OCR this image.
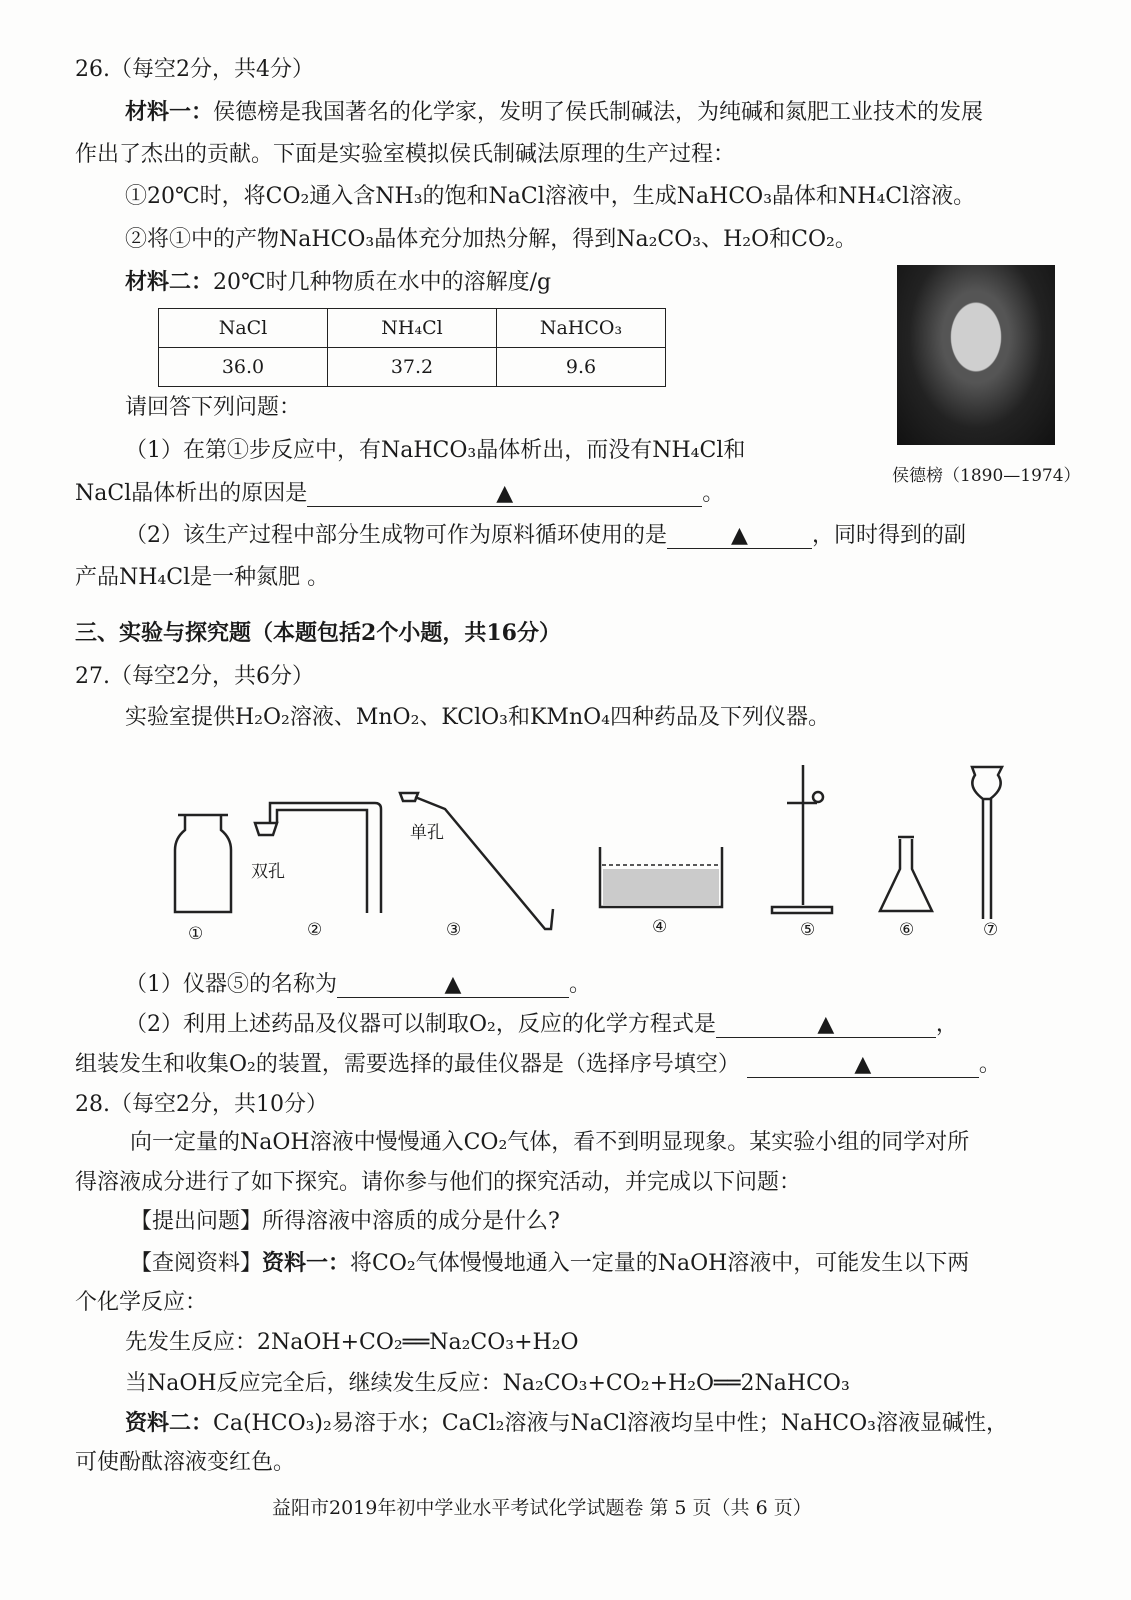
26.（每空2分，共4分）
材料一：侯德榜是我国著名的化学家，发明了侯氏制碱法，为纯碱和氮肥工业技术的发展
作出了杰出的贡献。下面是实验室模拟侯氏制碱法原理的生产过程：
①20℃时，将CO₂通入含NH₃的饱和NaCl溶液中，生成NaHCO₃晶体和NH₄Cl溶液。
②将①中的产物NaHCO₃晶体充分加热分解，得到Na₂CO₃、H₂O和CO₂。
材料二：20℃时几种物质在水中的溶解度/g
NaCl	NH₄Cl	NaHCO₃
36.0	37.2	9.6
侯德榜（1890—1974）
请回答下列问题：
（1）在第①步反应中，有NaHCO₃晶体析出，而没有NH₄Cl和
NaCl晶体析出的原因是	▲	。
（2）该生产过程中部分生成物可作为原料循环使用的是	▲	，同时得到的副
产品NH₄Cl是一种氮肥 。
三、实验与探究题（本题包括2个小题，共16分）
27.（每空2分，共6分）
实验室提供H₂O₂溶液、MnO₂、KClO₃和KMnO₄四种药品及下列仪器。
单孔
双孔
①	②	③	④	⑤	⑥	⑦
（1）仪器⑤的名称为	▲	。
（2）利用上述药品及仪器可以制取O₂，反应的化学方程式是	▲	，
组装发生和收集O₂的装置，需要选择的最佳仪器是（选择序号填空）	▲	。
28.（每空2分，共10分）
向一定量的NaOH溶液中慢慢通入CO₂气体，看不到明显现象。某实验小组的同学对所
得溶液成分进行了如下探究。请你参与他们的探究活动，并完成以下问题：
【提出问题】所得溶液中溶质的成分是什么?
【查阅资料】资料一：将CO₂气体慢慢地通入一定量的NaOH溶液中，可能发生以下两
个化学反应：
先发生反应：2NaOH+CO₂══Na₂CO₃+H₂O
当NaOH反应完全后，继续发生反应：Na₂CO₃+CO₂+H₂O══2NaHCO₃
资料二：Ca(HCO₃)₂易溶于水；CaCl₂溶液与NaCl溶液均呈中性；NaHCO₃溶液显碱性，
可使酚酞溶液变红色。
益阳市2019年初中学业水平考试化学试题卷 第 5 页（共 6 页）
